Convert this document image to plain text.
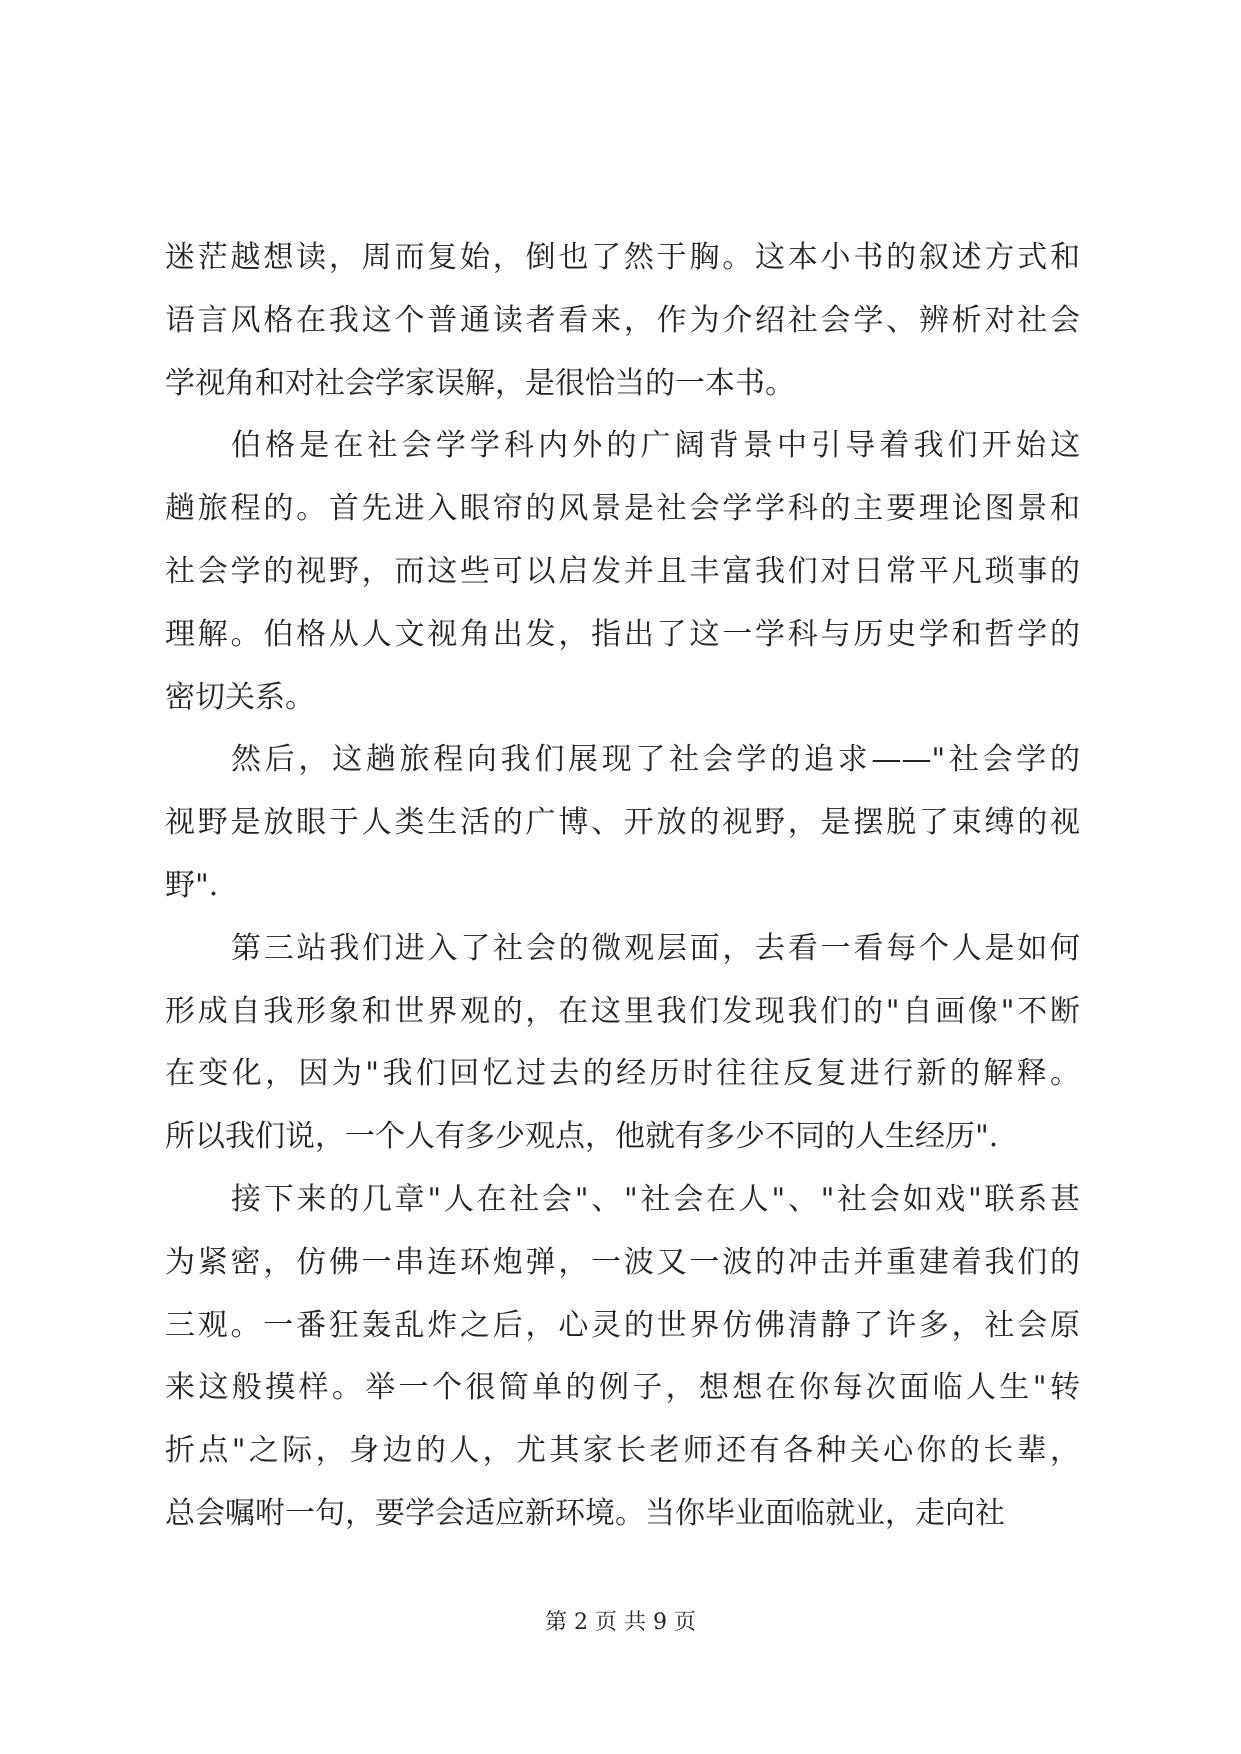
迷茫越想读，周而复始，倒也了然于胸。这本小书的叙述方式和
语言风格在我这个普通读者看来，作为介绍社会学、辨析对社会
学视角和对社会学家误解，是很恰当的一本书。
伯格是在社会学学科内外的广阔背景中引导着我们开始这
趟旅程的。首先进入眼帘的风景是社会学学科的主要理论图景和
社会学的视野，而这些可以启发并且丰富我们对日常平凡琐事的
理解。伯格从人文视角出发，指出了这一学科与历史学和哲学的
密切关系。
然后，这趟旅程向我们展现了社会学的追求——"社会学的
视野是放眼于人类生活的广博、开放的视野，是摆脱了束缚的视
野".
第三站我们进入了社会的微观层面，去看一看每个人是如何
形成自我形象和世界观的，在这里我们发现我们的"自画像"不断
在变化，因为"我们回忆过去的经历时往往反复进行新的解释。
所以我们说，一个人有多少观点，他就有多少不同的人生经历".
接下来的几章"人在社会"、"社会在人"、"社会如戏"联系甚
为紧密，仿佛一串连环炮弹，一波又一波的冲击并重建着我们的
三观。一番狂轰乱炸之后，心灵的世界仿佛清静了许多，社会原
来这般摸样。举一个很简单的例子，想想在你每次面临人生"转
折点"之际，身边的人，尤其家长老师还有各种关心你的长辈，
总会嘱咐一句，要学会适应新环境。当你毕业面临就业，走向社
第 2 页 共 9 页
